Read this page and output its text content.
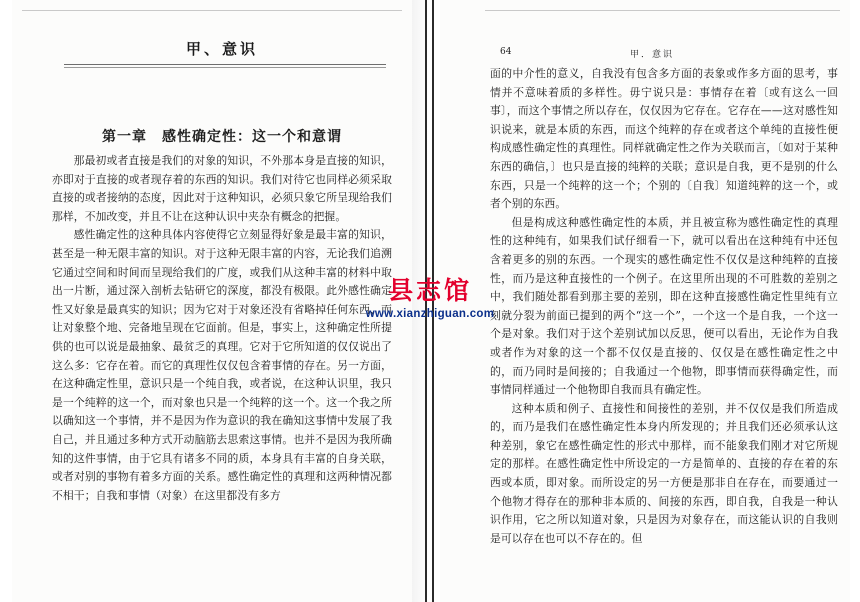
甲、意识
第一章　感性确定性：这一个和意谓

那最初或者直接是我们的对象的知识，不外那本身是直接的知识，亦即对于直接的或者现存着的东西的知识。我们对待它也同样必须采取直接的或者接纳的态度，因此对于这种知识，必须只象它所呈现给我们那样，不加改变，并且不让在这种认识中夹杂有概念的把握。

感性确定性的这种具体内容使得它立刻显得好象是最丰富的知识，甚至是一种无限丰富的知识。对于这种无限丰富的内容，无论我们追溯它通过空间和时间而呈现给我们的广度，或我们从这种丰富的材料中取出一片断，通过深入剖析去钻研它的深度，都没有极限。此外感性确定性又好象是最真实的知识；因为它对于对象还没有省略掉任何东西，而让对象整个地、完备地呈现在它面前。但是，事实上，这种确定性所提供的也可以说是最抽象、最贫乏的真理。它对于它所知道的仅仅说出了这么多：它存在着。而它的真理性仅仅包含着事情的存在。另一方面，在这种确定性里，意识只是一个纯自我，或者说，在这种认识里，我只是一个纯粹的这一个，而对象也只是一个纯粹的这一个。这一个我之所以确知这一个事情，并不是因为作为意识的我在确知这事情中发展了我自己，并且通过多种方式开动脑筋去思索这事情。也并不是因为我所确知的这件事情，由于它具有诸多不同的质，本身具有丰富的自身关联，或者对别的事物有着多方面的关系。感性确定性的真理和这两种情况都不相干；自我和事情（对象）在这里都没有多方

64	甲．意识

面的中介性的意义，自我没有包含多方面的表象或作多方面的思考，事情并不意味着质的多样性。毋宁说只是：事情存在着〔或有这么一回事〕，而这个事情之所以存在，仅仅因为它存在。它存在——这对感性知识说来，就是本质的东西，而这个纯粹的存在或者这个单纯的直接性便构成感性确定性的真理性。同样就确定性之作为关联而言，〔如对于某种东西的确信，〕也只是直接的纯粹的关联；意识是自我，更不是别的什么东西，只是一个纯粹的这一个；个别的〔自我〕知道纯粹的这一个，或者个别的东西。

但是构成这种感性确定性的本质，并且被宣称为感性确定性的真理性的这种纯有，如果我们试仔细看一下，就可以看出在这种纯有中还包含着更多的别的东西。一个现实的感性确定性不仅仅是这种纯粹的直接性，而乃是这种直接性的一个例子。在这里所出现的不可胜数的差别之中，我们随处都看到那主要的差别，即在这种直接感性确定性里纯有立刻就分裂为前面已提到的两个“这一个”，一个这一个是自我，一个这一个是对象。我们对于这个差别试加以反思，便可以看出，无论作为自我或者作为对象的这一个都不仅仅是直接的、仅仅是在感性确定性之中的，而乃同时是间接的；自我通过一个他物，即事情而获得确定性，而事情同样通过一个他物即自我而具有确定性。

这种本质和例子、直接性和间接性的差别，并不仅仅是我们所造成的，而乃是我们在感性确定性本身内所发现的；并且我们还必须承认这种差别，象它在感性确定性的形式中那样，而不能象我们刚才对它所规定的那样。在感性确定性中所设定的一方是简单的、直接的存在着的东西或本质，即对象。而所设定的另一方便是那非自在存在，而要通过一个他物才得存在的那种非本质的、间接的东西，即自我，自我是一种认识作用，它之所以知道对象，只是因为对象存在，而这能认识的自我则是可以存在也可以不存在的。但

县志馆
www.xianzhiguan.com
